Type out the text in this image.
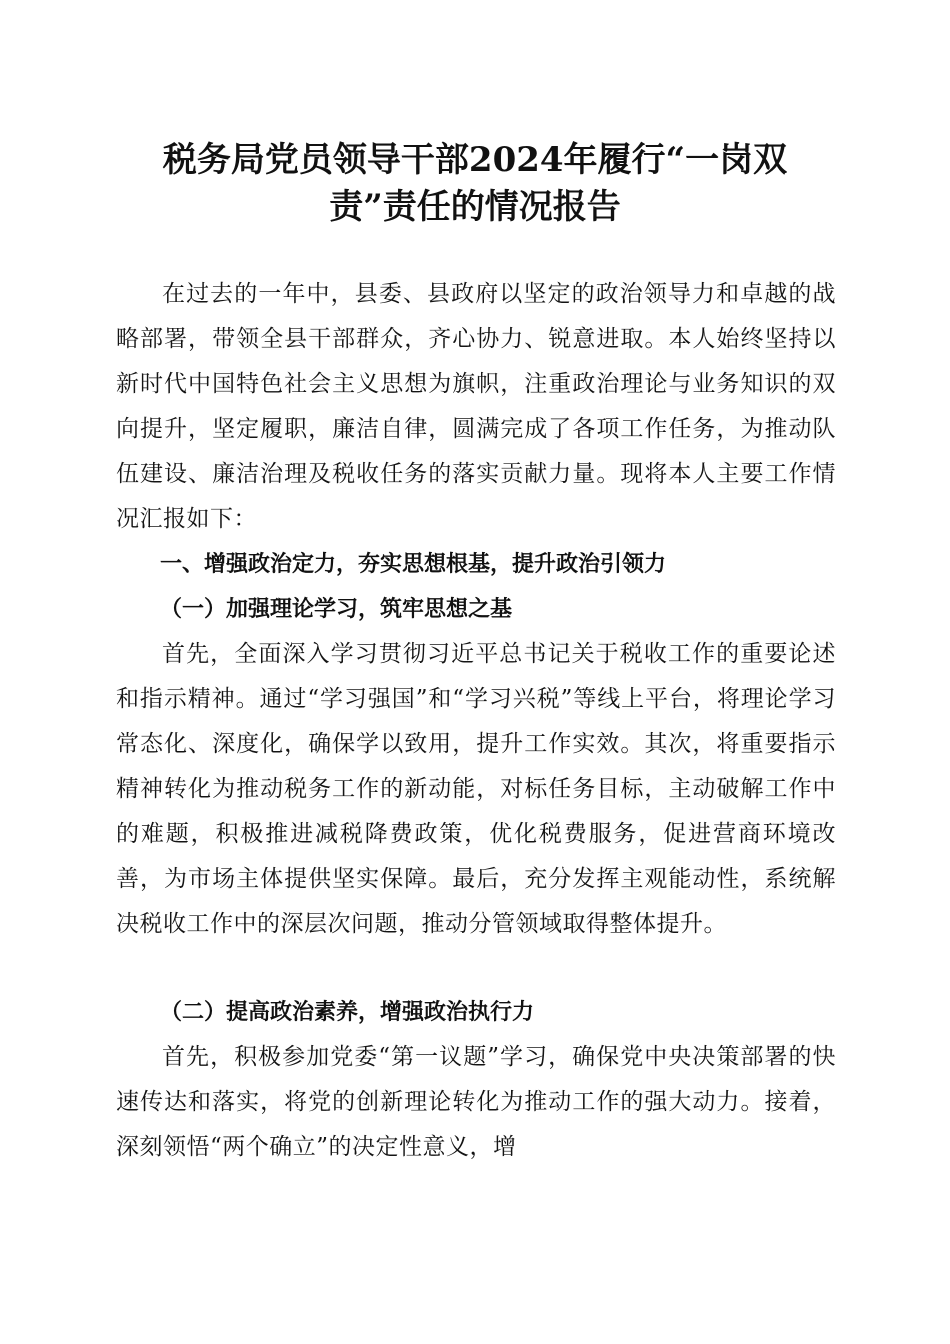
税务局党员领导干部2024年履行“一岗双
责”责任的情况报告

在过去的一年中，县委、县政府以坚定的政治领导力和卓越的战略部署，带领全县干部群众，齐心协力、锐意进取。本人始终坚持以新时代中国特色社会主义思想为旗帜，注重政治理论与业务知识的双向提升，坚定履职，廉洁自律，圆满完成了各项工作任务，为推动队伍建设、廉洁治理及税收任务的落实贡献力量。现将本人主要工作情况汇报如下：

一、增强政治定力，夯实思想根基，提升政治引领力
（一）加强理论学习，筑牢思想之基

首先，全面深入学习贯彻习近平总书记关于税收工作的重要论述和指示精神。通过“学习强国”和“学习兴税”等线上平台，将理论学习常态化、深度化，确保学以致用，提升工作实效。其次，将重要指示精神转化为推动税务工作的新动能，对标任务目标，主动破解工作中的难题，积极推进减税降费政策，优化税费服务，促进营商环境改善，为市场主体提供坚实保障。最后，充分发挥主观能动性，系统解决税收工作中的深层次问题，推动分管领域取得整体提升。

（二）提高政治素养，增强政治执行力

首先，积极参加党委“第一议题”学习，确保党中央决策部署的快速传达和落实，将党的创新理论转化为推动工作的强大动力。接着，深刻领悟“两个确立”的决定性意义，增
